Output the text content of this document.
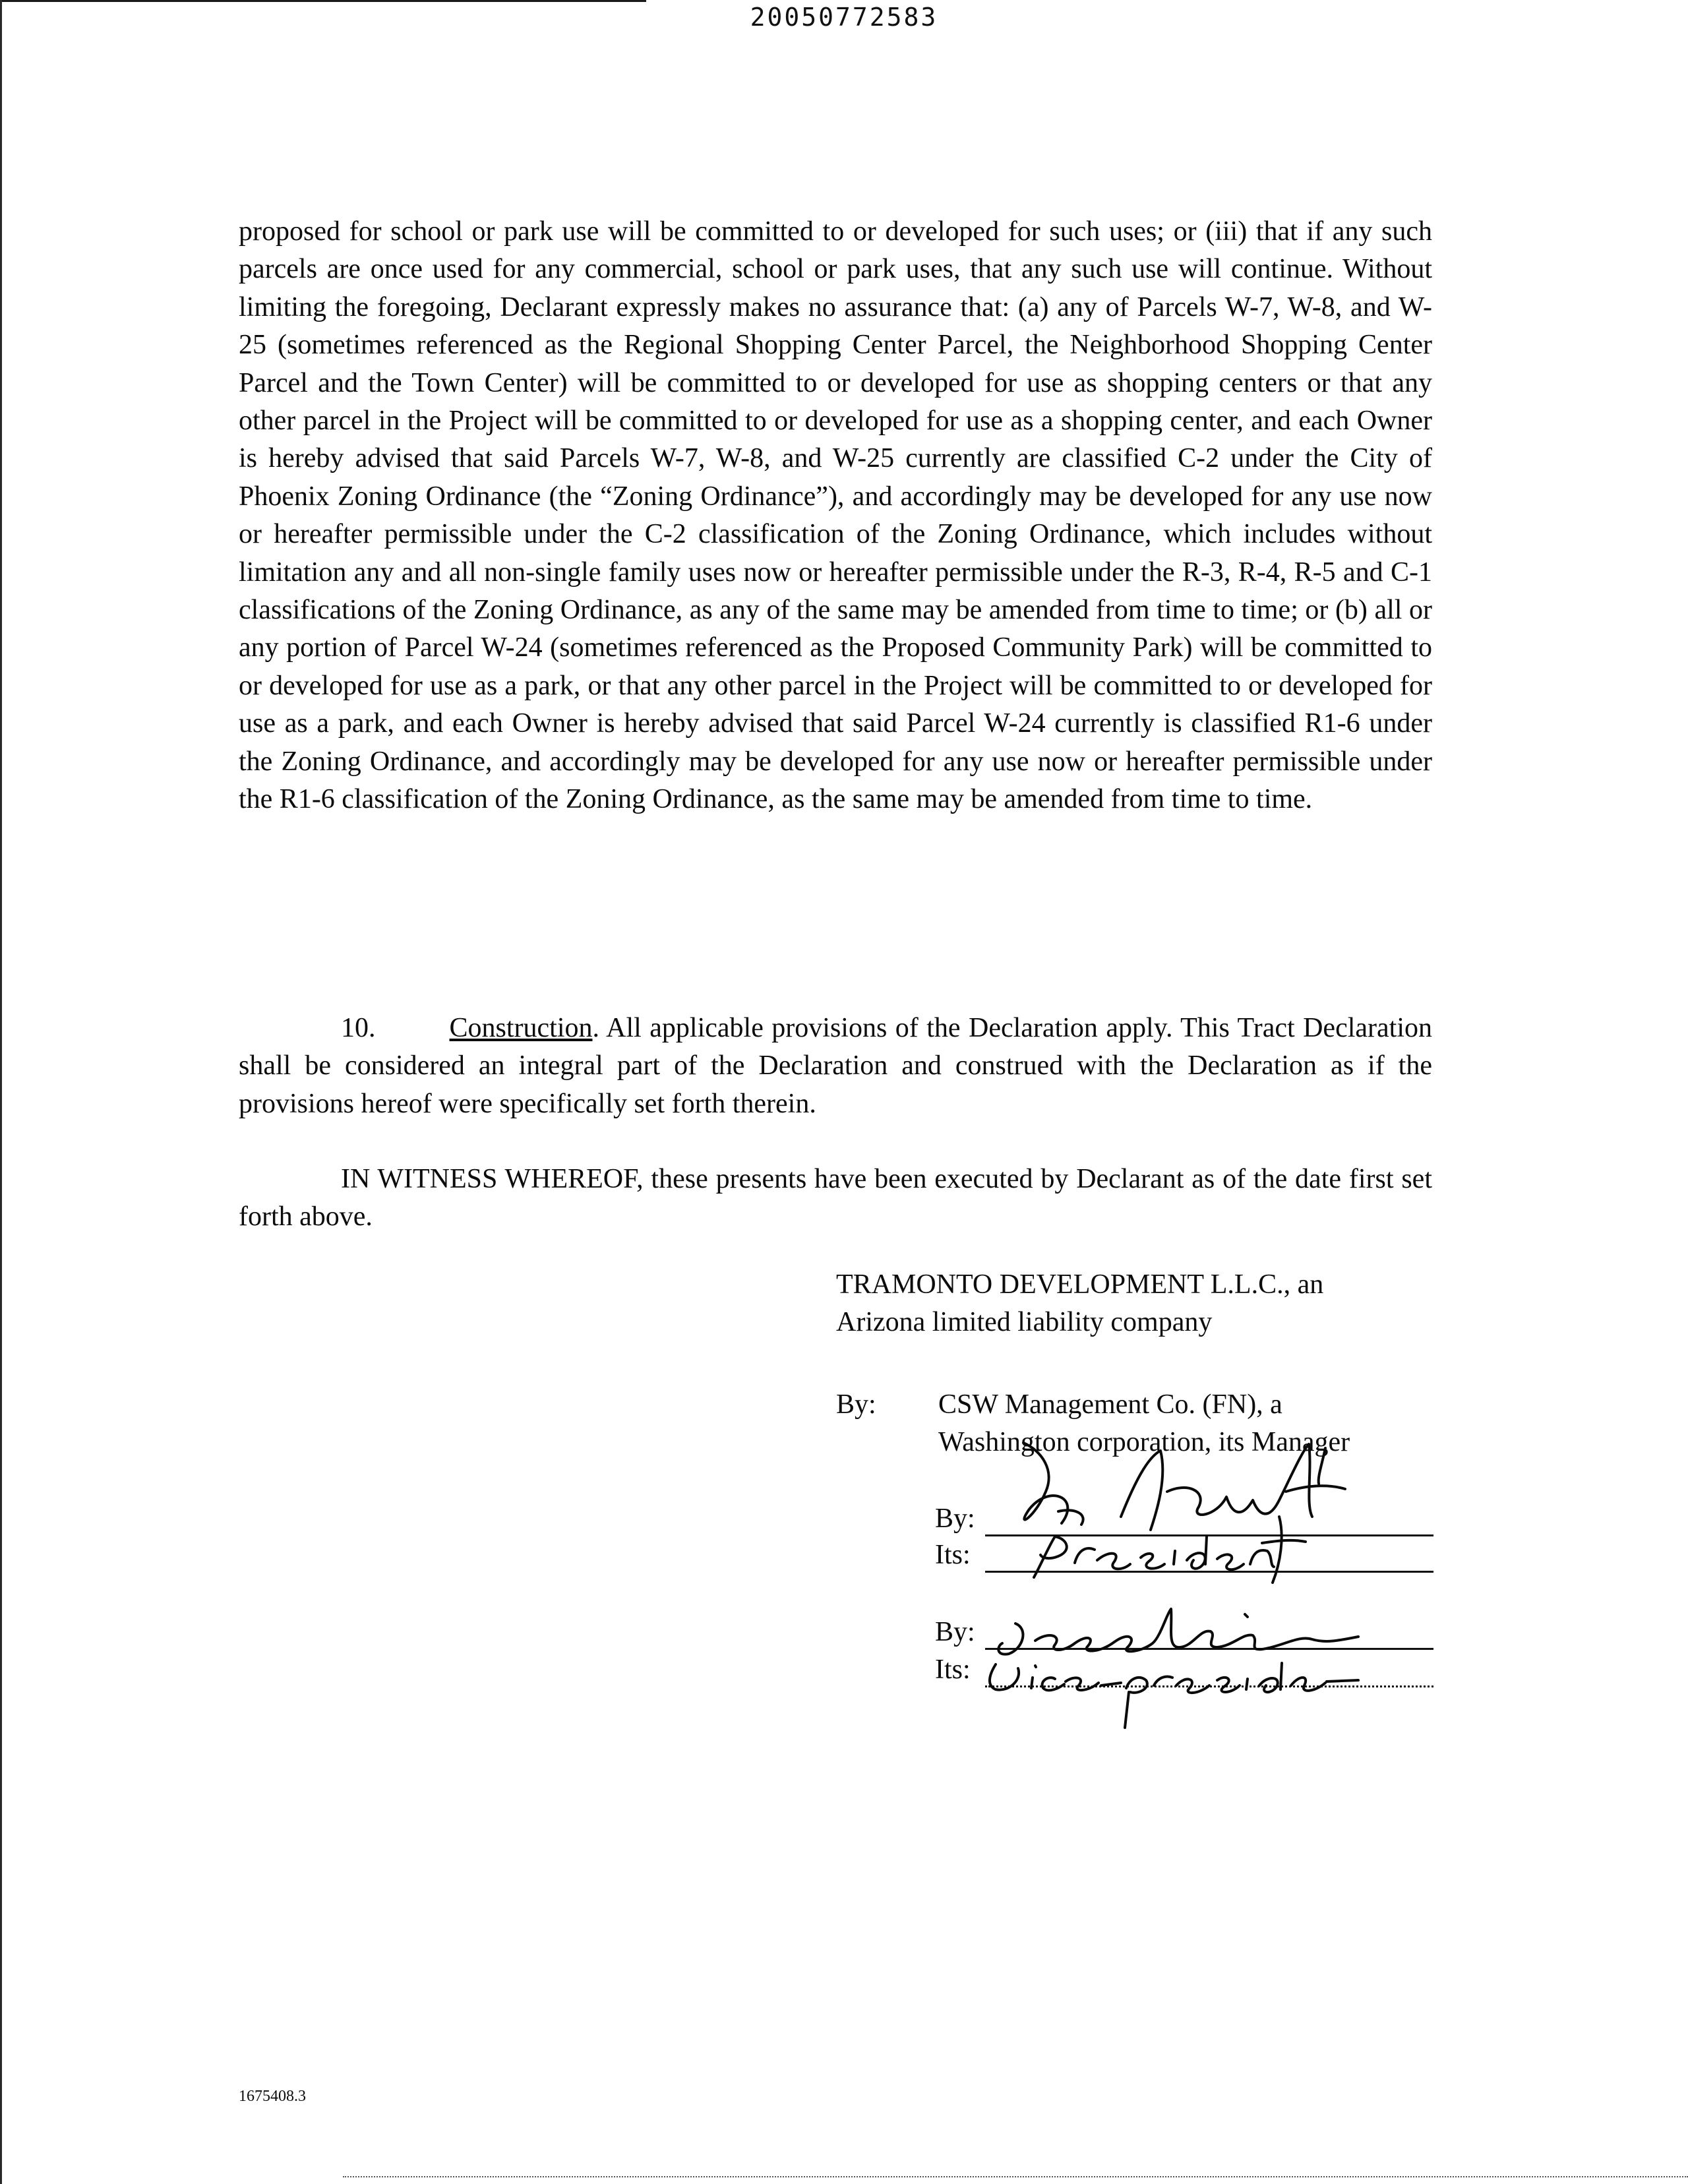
20050772583

proposed for school or park use will be committed to or developed for such uses; or (iii) that if any such parcels are once used for any commercial, school or park uses, that any such use will continue. Without limiting the foregoing, Declarant expressly makes no assurance that: (a) any of Parcels W-7, W-8, and W-25 (sometimes referenced as the Regional Shopping Center Parcel, the Neighborhood Shopping Center Parcel and the Town Center) will be committed to or developed for use as shopping centers or that any other parcel in the Project will be committed to or developed for use as a shopping center, and each Owner is hereby advised that said Parcels W-7, W-8, and W-25 currently are classified C-2 under the City of Phoenix Zoning Ordinance (the “Zoning Ordinance”), and accordingly may be developed for any use now or hereafter permissible under the C-2 classification of the Zoning Ordinance, which includes without limitation any and all non-single family uses now or hereafter permissible under the R-3, R-4, R-5 and C-1 classifications of the Zoning Ordinance, as any of the same may be amended from time to time; or (b) all or any portion of Parcel W-24 (sometimes referenced as the Proposed Community Park) will be committed to or developed for use as a park, or that any other parcel in the Project will be committed to or developed for use as a park, and each Owner is hereby advised that said Parcel W-24 currently is classified R1-6 under the Zoning Ordinance, and accordingly may be developed for any use now or hereafter permissible under the R1-6 classification of the Zoning Ordinance, as the same may be amended from time to time.

10.	Construction. All applicable provisions of the Declaration apply. This Tract Declaration shall be considered an integral part of the Declaration and construed with the Declaration as if the provisions hereof were specifically set forth therein.

IN WITNESS WHEREOF, these presents have been executed by Declarant as of the date first set forth above.

TRAMONTO DEVELOPMENT L.L.C., an
Arizona limited liability company
By: CSW Management Co. (FN), a
Washington corporation, its Manager
By:
Its:
By:
Its:
1675408.3
